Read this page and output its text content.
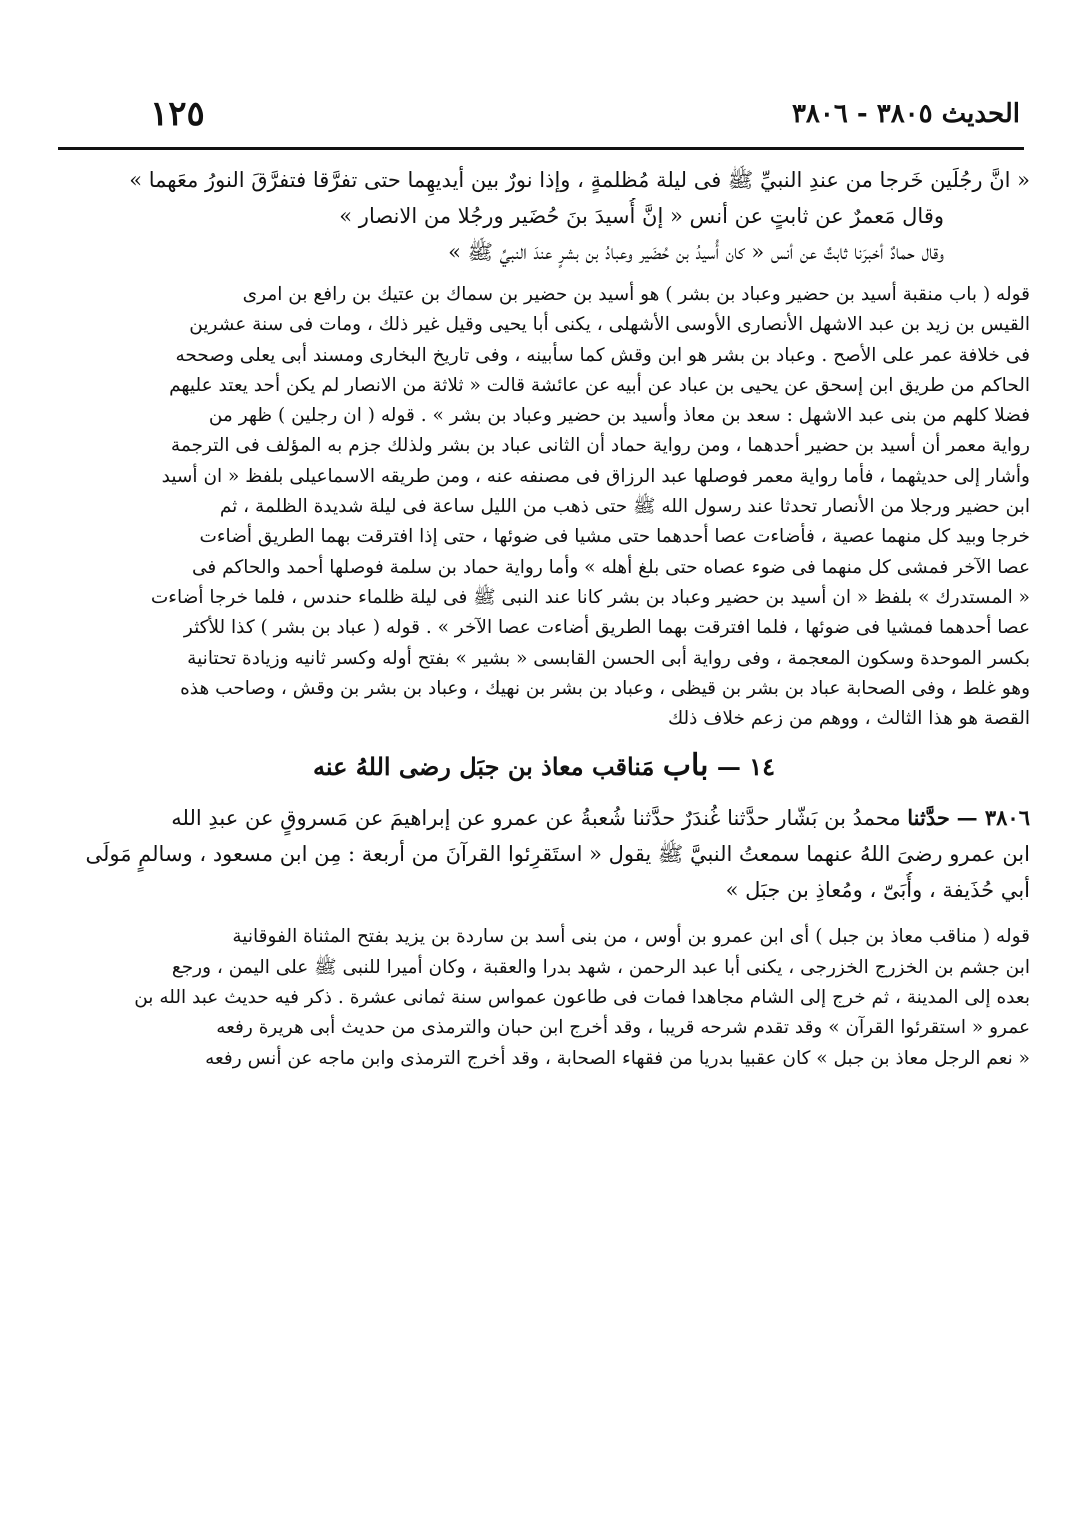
الحديث ٣٨٠٥ - ٣٨٠٦
١٢٥
« انَّ رجُلَين خَرجا من عندِ النبيِّ ﷺ فى ليلة مُظلمةٍ ، وإذا نورٌ بين أيديهِما حتى تفرَّقا فتفرَّقَ النورُ معَهما »
وقال مَعمرٌ عن ثابتٍ عن أنس « إنَّ أُسيدَ بنَ حُضَير ورجُلا من الانصار »
وقال حمادٌ أخبرَنا ثابتٌ عن أنس « كان أُسيدُ بن حُضَير وعبادُ بن بشرٍ عندَ النبيِّ ﷺ »
قوله ( باب منقبة أسيد بن حضير وعباد بن بشر ) هو أسيد بن حضير بن سماك بن عتيك بن رافع بن امرى
القيس بن زيد بن عبد الاشهل الأنصارى الأوسى الأشهلى ، يكنى أبا يحيى وقيل غير ذلك ، ومات فى سنة عشرين
فى خلافة عمر على الأصح . وعباد بن بشر هو ابن وقش كما سأبينه ، وفى تاريخ البخارى ومسند أبى يعلى وصححه
الحاكم من طريق ابن إسحق عن يحيى بن عباد عن أبيه عن عائشة قالت « ثلاثة من الانصار لم يكن أحد يعتد عليهم
فضلا كلهم من بنى عبد الاشهل : سعد بن معاذ وأسيد بن حضير وعباد بن بشر » . قوله ( ان رجلين ) ظهر من
رواية معمر أن أسيد بن حضير أحدهما ، ومن رواية حماد أن الثانى عباد بن بشر ولذلك جزم به المؤلف فى الترجمة
وأشار إلى حديثهما ، فأما رواية معمر فوصلها عبد الرزاق فى مصنفه عنه ، ومن طريقه الاسماعيلى بلفظ « ان أسيد
ابن حضير ورجلا من الأنصار تحدثا عند رسول الله ﷺ حتى ذهب من الليل ساعة فى ليلة شديدة الظلمة ، ثم
خرجا وبيد كل منهما عصية ، فأضاءت عصا أحدهما حتى مشيا فى ضوئها ، حتى إذا افترقت بهما الطريق أضاءت
عصا الآخر فمشى كل منهما فى ضوء عصاه حتى بلغ أهله » وأما رواية حماد بن سلمة فوصلها أحمد والحاكم فى
« المستدرك » بلفظ « ان أسيد بن حضير وعباد بن بشر كانا عند النبى ﷺ فى ليلة ظلماء حندس ، فلما خرجا أضاءت
عصا أحدهما فمشيا فى ضوئها ، فلما افترقت بهما الطريق أضاءت عصا الآخر » . قوله ( عباد بن بشر ) كذا للأكثر
بكسر الموحدة وسكون المعجمة ، وفى رواية أبى الحسن القابسى « بشير » بفتح أوله وكسر ثانيه وزيادة تحتانية
وهو غلط ، وفى الصحابة عباد بن بشر بن قيظى ، وعباد بن بشر بن نهيك ، وعباد بن بشر بن وقش ، وصاحب هذه
القصة هو هذا الثالث ، ووهم من زعم خلاف ذلك
١٤ — باب مَناقب معاذ بن جبَل رضى اللهُ عنه
٣٨٠٦ — حدَّثنا محمدُ بن بَشّار حدَّثنا غُندَرٌ حدَّثنا شُعبةُ عن عمرو عن إبراهيمَ عن مَسروقٍ عن عبدِ الله
ابن عمرو رضىَ اللهُ عنهما سمعتُ النبيَّ ﷺ يقول « استَقرِئوا القرآنَ من أربعة : مِن ابن مسعود ، وسالمٍ مَولَى
أبي حُذَيفة ، وأُبَىّ ، ومُعاذِ بن جبَل »
قوله ( مناقب معاذ بن جبل ) أى ابن عمرو بن أوس ، من بنى أسد بن ساردة بن يزيد بفتح المثناة الفوقانية
ابن جشم بن الخزرج الخزرجى ، يكنى أبا عبد الرحمن ، شهد بدرا والعقبة ، وكان أميرا للنبى ﷺ على اليمن ، ورجع
بعده إلى المدينة ، ثم خرج إلى الشام مجاهدا فمات فى طاعون عمواس سنة ثمانى عشرة . ذكر فيه حديث عبد الله بن
عمرو « استقرئوا القرآن » وقد تقدم شرحه قريبا ، وقد أخرج ابن حبان والترمذى من حديث أبى هريرة رفعه
« نعم الرجل معاذ بن جبل » كان عقبيا بدريا من فقهاء الصحابة ، وقد أخرج الترمذى وابن ماجه عن أنس رفعه
